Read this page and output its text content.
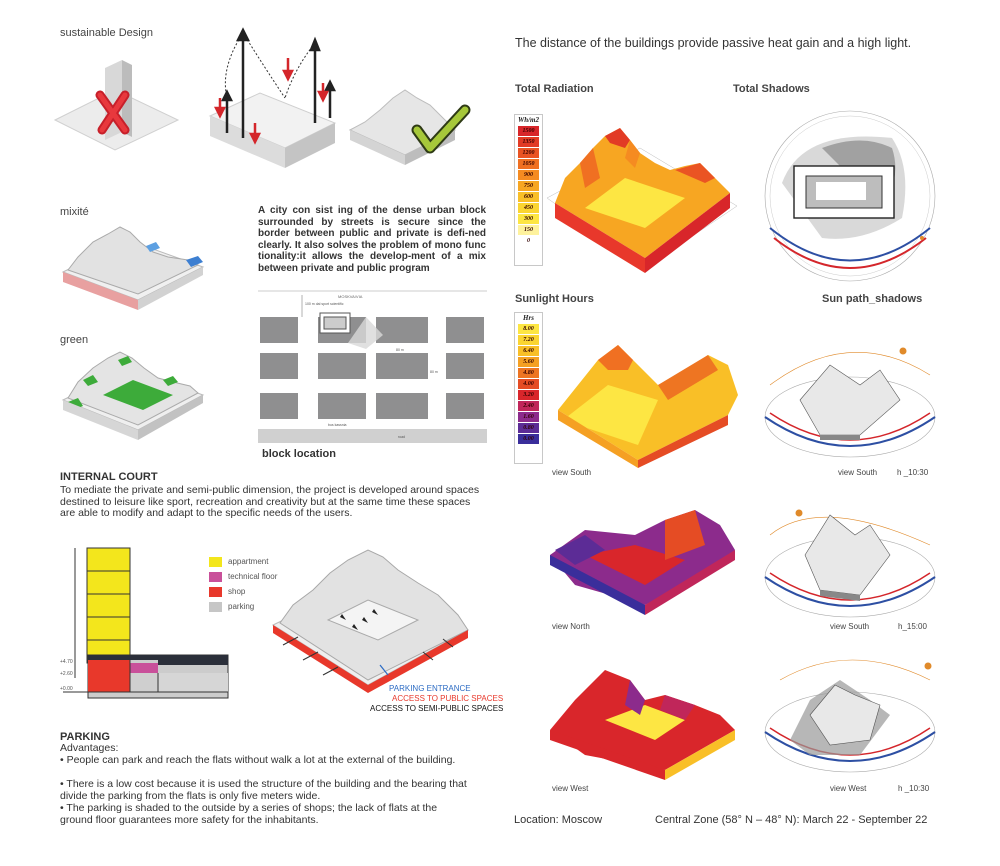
sustainable Design
mixité
green
A city con sist ing of the dense urban block surrounded by streets is secure since the border between public and private is defi-ned clearly. It also solves the problem of mono func tionality:it allows the develop-ment of a mix between private and public program
MOSKVA/VIA
100 m dal sport scientific
80 m
80 m
bus kassnia
road
block location
INTERNAL COURT
To mediate the private and semi-public dimension, the project is developed around spaces destined to leisure like sport, recreation and creativity but at the same time these spaces are able to modify and adapt to the specific needs of the users.
+4.70
+2.60
+0.00
appartment
technical floor
shop
parking
PARKING ENTRANCE
ACCESS TO PUBLIC SPACES
ACCESS TO SEMI-PUBLIC SPACES
PARKING
Advantages:
• People can park and reach the flats without walk a lot at the external of the building.
• There is a low cost because it is used the structure of the building and the bearing that divide the parking from the flats is only five meters wide.
• The parking is shaded to the outside by a series of shops; the lack of flats at the ground floor guarantees more safety for the inhabitants.
The distance of the buildings provide passive heat gain and a high light.
Total Radiation	Total Shadows
Wh/m2
1500
1350
1200
1050
900
750
600
450
300
150
0
Sunlight Hours	Sun path_shadows
Hrs
8.00
7.20
6.40
5.60
4.80
4.00
3.20
2.40
1.60
0.80
0.00
view South	view South h _10:30
view North	view South	h_15:00
view West	view West	h _10:30
Location: Moscow	Central Zone (58° N – 48° N): March 22 - September 22
